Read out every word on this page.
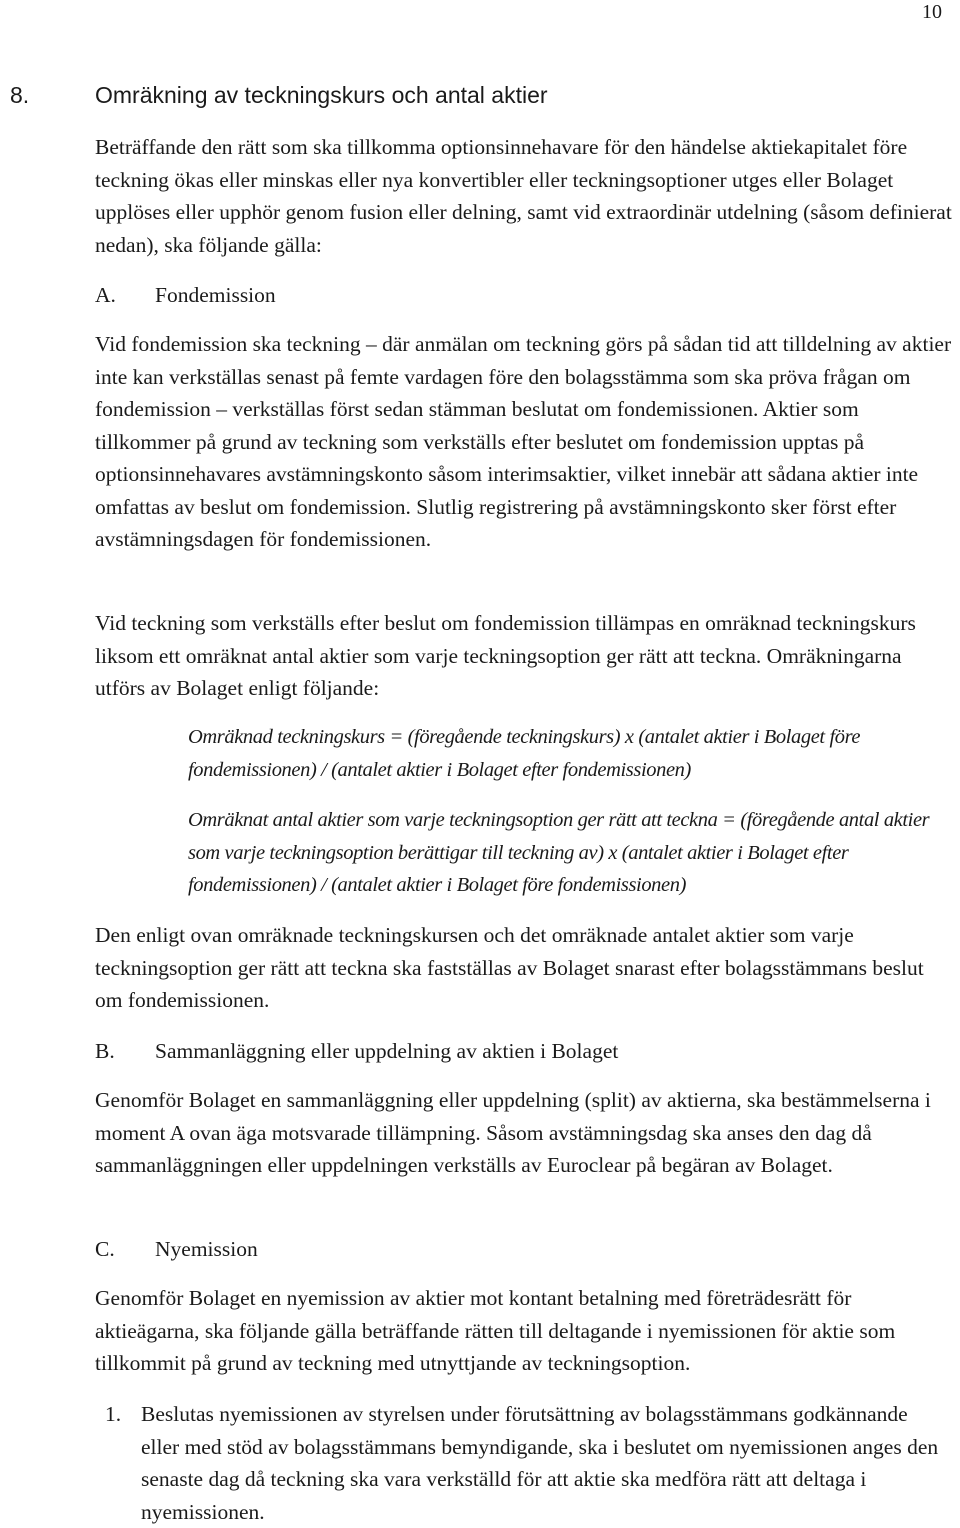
10
8.	Omräkning av teckningskurs och antal aktier

Beträffande den rätt som ska tillkomma optionsinnehavare för den händelse aktiekapitalet före teckning ökas eller minskas eller nya konvertibler eller teckningsoptioner utges eller Bolaget upplöses eller upphör genom fusion eller delning, samt vid extraordinär utdelning (såsom definierat nedan), ska följande gälla:

A. Fondemission

Vid fondemission ska teckning – där anmälan om teckning görs på sådan tid att tilldelning av aktier inte kan verkställas senast på femte vardagen före den bolagsstämma som ska pröva frågan om fondemission – verkställas först sedan stämman beslutat om fondemissionen. Aktier som tillkommer på grund av teckning som verkställs efter beslutet om fondemission upptas på optionsinnehavares avstämningskonto såsom interimsaktier, vilket innebär att sådana aktier inte omfattas av beslut om fondemission. Slutlig registrering på avstämningskonto sker först efter avstämningsdagen för fondemissionen.

Vid teckning som verkställs efter beslut om fondemission tillämpas en omräknad teckningskurs liksom ett omräknat antal aktier som varje teckningsoption ger rätt att teckna. Omräkningarna utförs av Bolaget enligt följande:

Omräknad teckningskurs = (föregående teckningskurs) x (antalet aktier i Bolaget före fondemissionen) / (antalet aktier i Bolaget efter fondemissionen)

Omräknat antal aktier som varje teckningsoption ger rätt att teckna = (föregående antal aktier som varje teckningsoption berättigar till teckning av) x (antalet aktier i Bolaget efter fondemissionen) / (antalet aktier i Bolaget före fondemissionen)

Den enligt ovan omräknade teckningskursen och det omräknade antalet aktier som varje teckningsoption ger rätt att teckna ska fastställas av Bolaget snarast efter bolagsstämmans beslut om fondemissionen.

B. Sammanläggning eller uppdelning av aktien i Bolaget

Genomför Bolaget en sammanläggning eller uppdelning (split) av aktierna, ska bestämmelserna i moment A ovan äga motsvarade tillämpning. Såsom avstämningsdag ska anses den dag då sammanläggningen eller uppdelningen verkställs av Euroclear på begäran av Bolaget.

C. Nyemission

Genomför Bolaget en nyemission av aktier mot kontant betalning med företrädesrätt för aktieägarna, ska följande gälla beträffande rätten till deltagande i nyemissionen för aktie som tillkommit på grund av teckning med utnyttjande av teckningsoption.

1. Beslutas nyemissionen av styrelsen under förutsättning av bolagsstämmans godkännande eller med stöd av bolagsstämmans bemyndigande, ska i beslutet om nyemissionen anges den senaste dag då teckning ska vara verkställd för att aktie ska medföra rätt att deltaga i nyemissionen.
